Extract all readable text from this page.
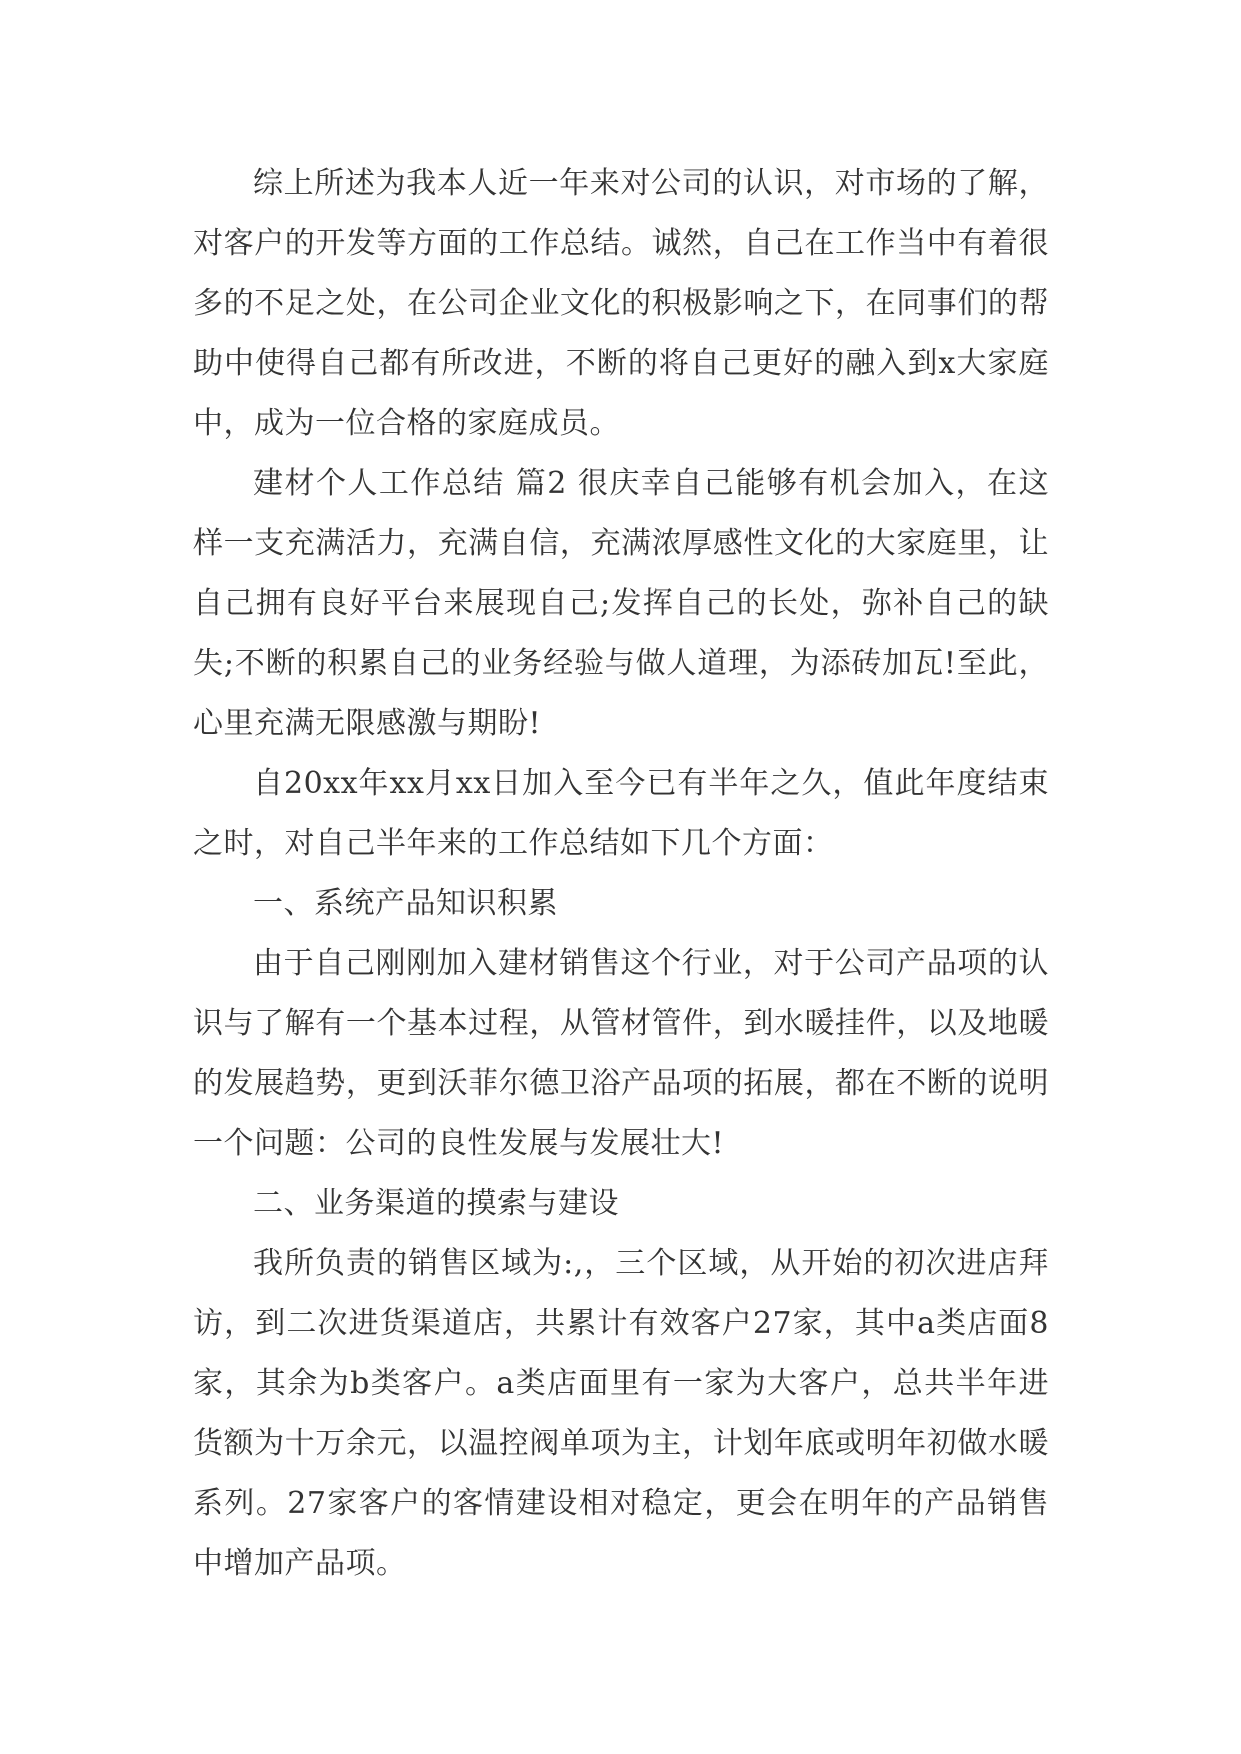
综上所述为我本人近一年来对公司的认识，对市场的了解，对客户的开发等方面的工作总结。诚然，自己在工作当中有着很多的不足之处，在公司企业文化的积极影响之下，在同事们的帮助中使得自己都有所改进，不断的将自己更好的融入到x大家庭中，成为一位合格的家庭成员。

建材个人工作总结 篇2 很庆幸自己能够有机会加入，在这样一支充满活力，充满自信，充满浓厚感性文化的大家庭里，让自己拥有良好平台来展现自己;发挥自己的长处，弥补自己的缺失;不断的积累自己的业务经验与做人道理，为添砖加瓦!至此，心里充满无限感激与期盼!

自20xx年xx月xx日加入至今已有半年之久，值此年度结束之时，对自己半年来的工作总结如下几个方面：

一、系统产品知识积累

由于自己刚刚加入建材销售这个行业，对于公司产品项的认识与了解有一个基本过程，从管材管件，到水暖挂件，以及地暖的发展趋势，更到沃菲尔德卫浴产品项的拓展，都在不断的说明一个问题：公司的良性发展与发展壮大!

二、业务渠道的摸索与建设

我所负责的销售区域为:,，三个区域，从开始的初次进店拜访，到二次进货渠道店，共累计有效客户27家，其中a类店面8家，其余为b类客户。a类店面里有一家为大客户，总共半年进货额为十万余元，以温控阀单项为主，计划年底或明年初做水暖系列。27家客户的客情建设相对稳定，更会在明年的产品销售中增加产品项。
